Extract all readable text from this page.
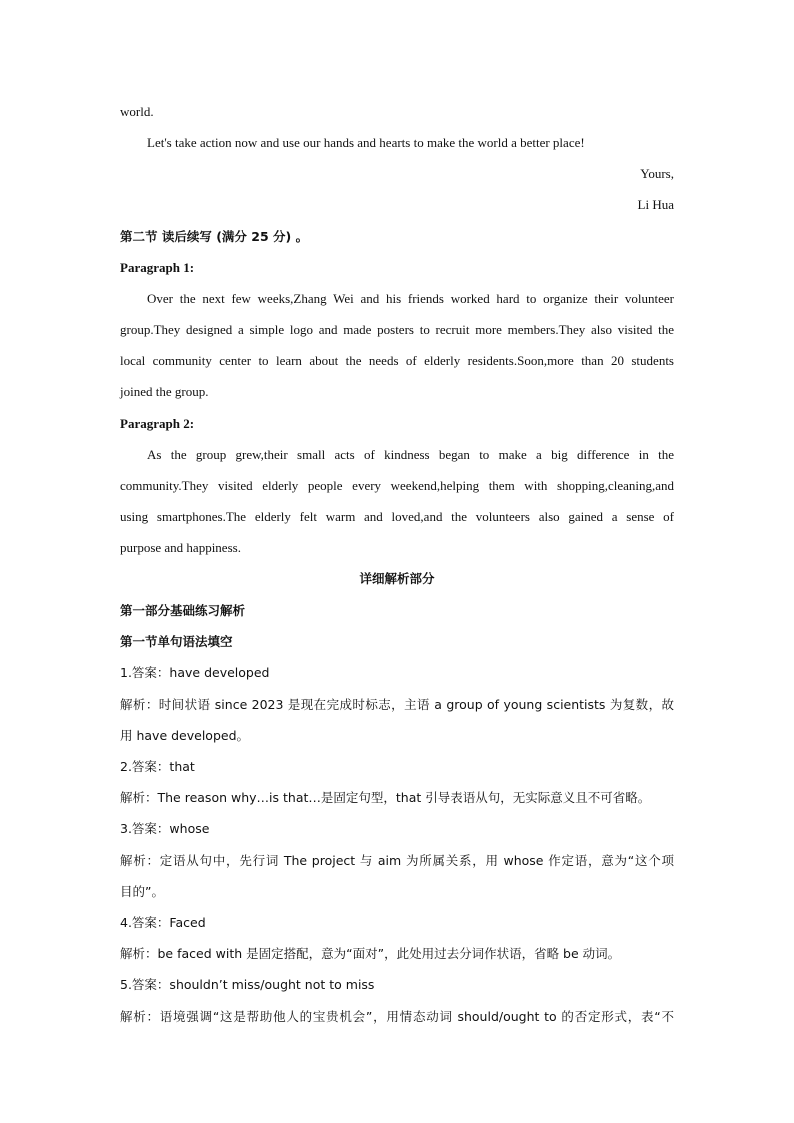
world.
Let's take action now and use our hands and hearts to make the world a better place!
Yours,
Li Hua
第二节 读后续写 (满分 25 分) 。
Paragraph 1:
Over the next few weeks,Zhang Wei and his friends worked hard to organize their volunteer
group.They designed a simple logo and made posters to recruit more members.They also visited the
local community center to learn about the needs of elderly residents.Soon,more than 20 students
joined the group.
Paragraph 2:
As the group grew,their small acts of kindness began to make a big difference in the
community.They visited elderly people every weekend,helping them with shopping,cleaning,and
using smartphones.The elderly felt warm and loved,and the volunteers also gained a sense of
purpose and happiness.
详细解析部分
第一部分基础练习解析
第一节单句语法填空
1.答案：have developed
解析：时间状语 since 2023 是现在完成时标志，主语 a group of young scientists 为复数，故
用 have developed。
2.答案：that
解析：The reason why…is that…是固定句型，that 引导表语从句，无实际意义且不可省略。
3.答案：whose
解析：定语从句中，先行词 The project 与 aim 为所属关系，用 whose 作定语，意为“这个项
目的”。
4.答案：Faced
解析：be faced with 是固定搭配，意为“面对”，此处用过去分词作状语，省略 be 动词。
5.答案：shouldn’t miss/ought not to miss
解析：语境强调“这是帮助他人的宝贵机会”，用情态动词 should/ought to 的否定形式，表“不
